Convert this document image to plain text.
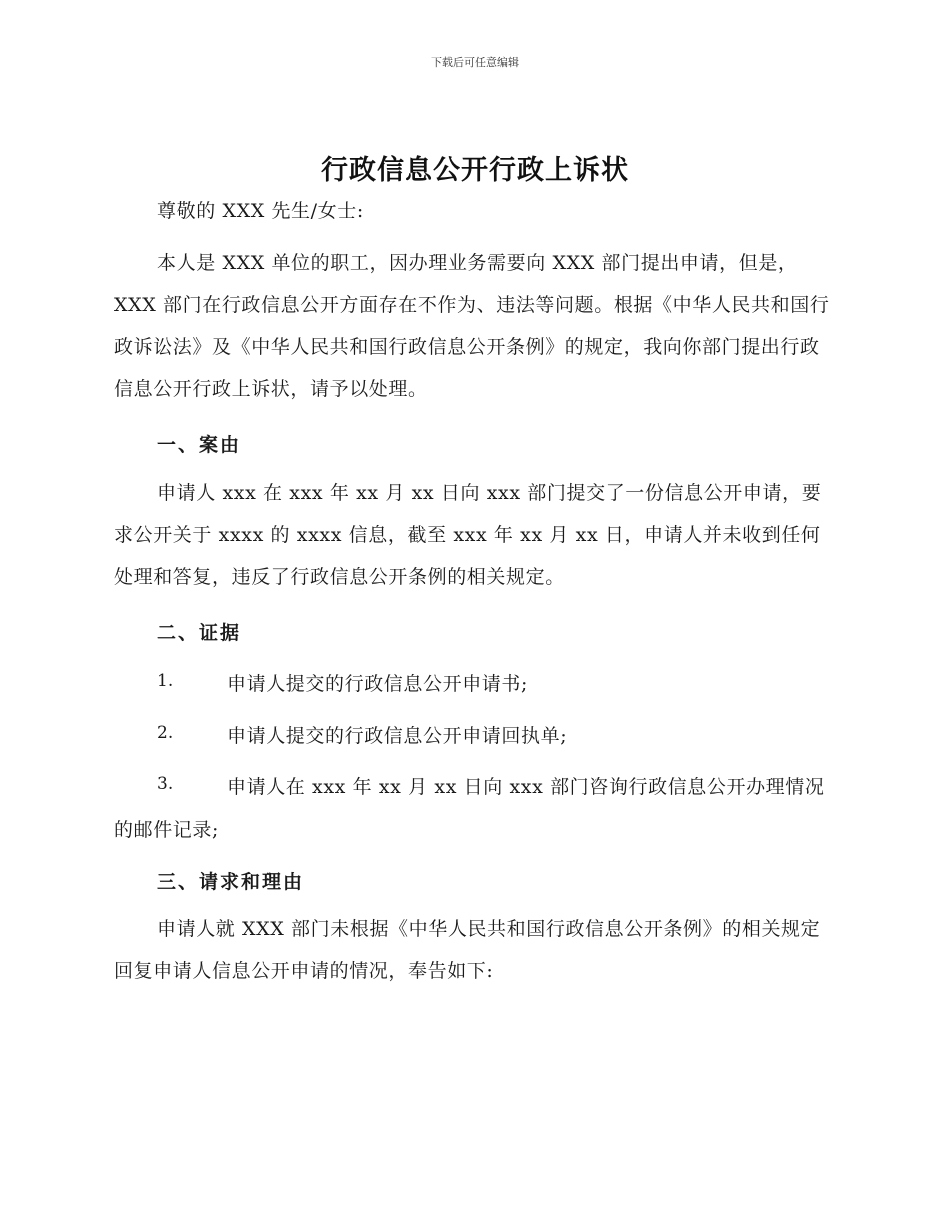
下载后可任意编辑
行政信息公开行政上诉状
尊敬的 XXX 先生/女士:
本人是 XXX 单位的职工，因办理业务需要向 XXX 部门提出申请，但是，XXX 部门在行政信息公开方面存在不作为、违法等问题。根据《中华人民共和国行政诉讼法》及《中华人民共和国行政信息公开条例》的规定，我向你部门提出行政信息公开行政上诉状，请予以处理。
一、案由
申请人 xxx 在 xxx 年 xx 月 xx 日向 xxx 部门提交了一份信息公开申请，要求公开关于 xxxx 的 xxxx 信息，截至 xxx 年 xx 月 xx 日，申请人并未收到任何处理和答复，违反了行政信息公开条例的相关规定。
二、证据
1.	申请人提交的行政信息公开申请书;
2.	申请人提交的行政信息公开申请回执单;
3.	申请人在 xxx 年 xx 月 xx 日向 xxx 部门咨询行政信息公开办理情况
的邮件记录;
三、请求和理由
申请人就 XXX 部门未根据《中华人民共和国行政信息公开条例》的相关规定回复申请人信息公开申请的情况，奉告如下:
